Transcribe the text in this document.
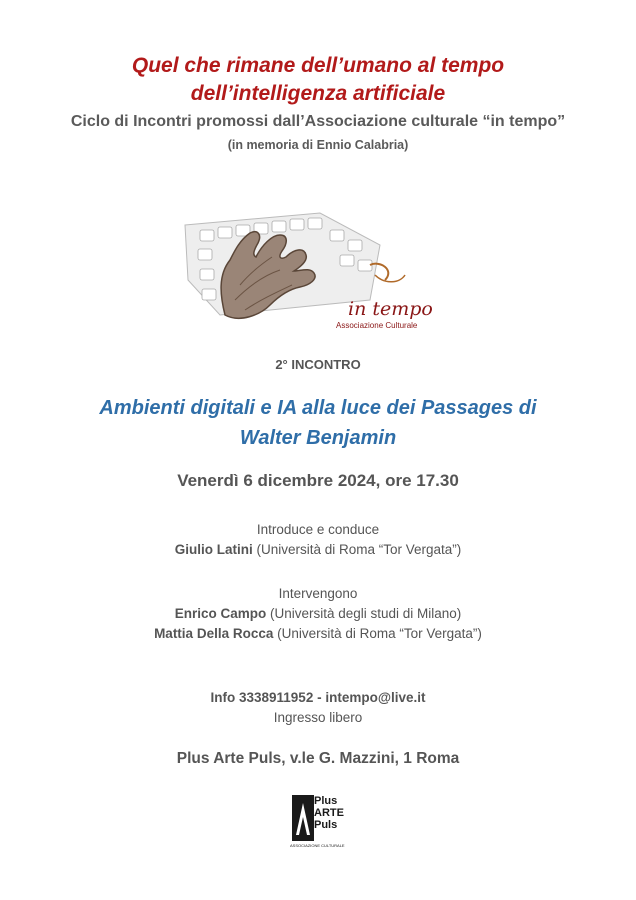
Quel che rimane dell’umano al tempo
dell’intelligenza artificiale
Ciclo di Incontri promossi dall’Associazione culturale “in tempo”
(in memoria di Ennio Calabria)
in tempo
Associazione Culturale
2° INCONTRO
Ambienti digitali e IA alla luce dei Passages di
Walter Benjamin
Venerdì 6 dicembre 2024, ore 17.30
Introduce e conduce
Giulio Latini (Università di Roma “Tor Vergata”)
Intervengono
Enrico Campo (Università degli studi di Milano)
Mattia Della Rocca (Università di Roma “Tor Vergata”)
Info 3338911952 - intempo@live.it
Ingresso libero
Plus Arte Puls, v.le G. Mazzini, 1 Roma
Plus
ARTE
Puls
ASSOCIAZIONE CULTURALE
